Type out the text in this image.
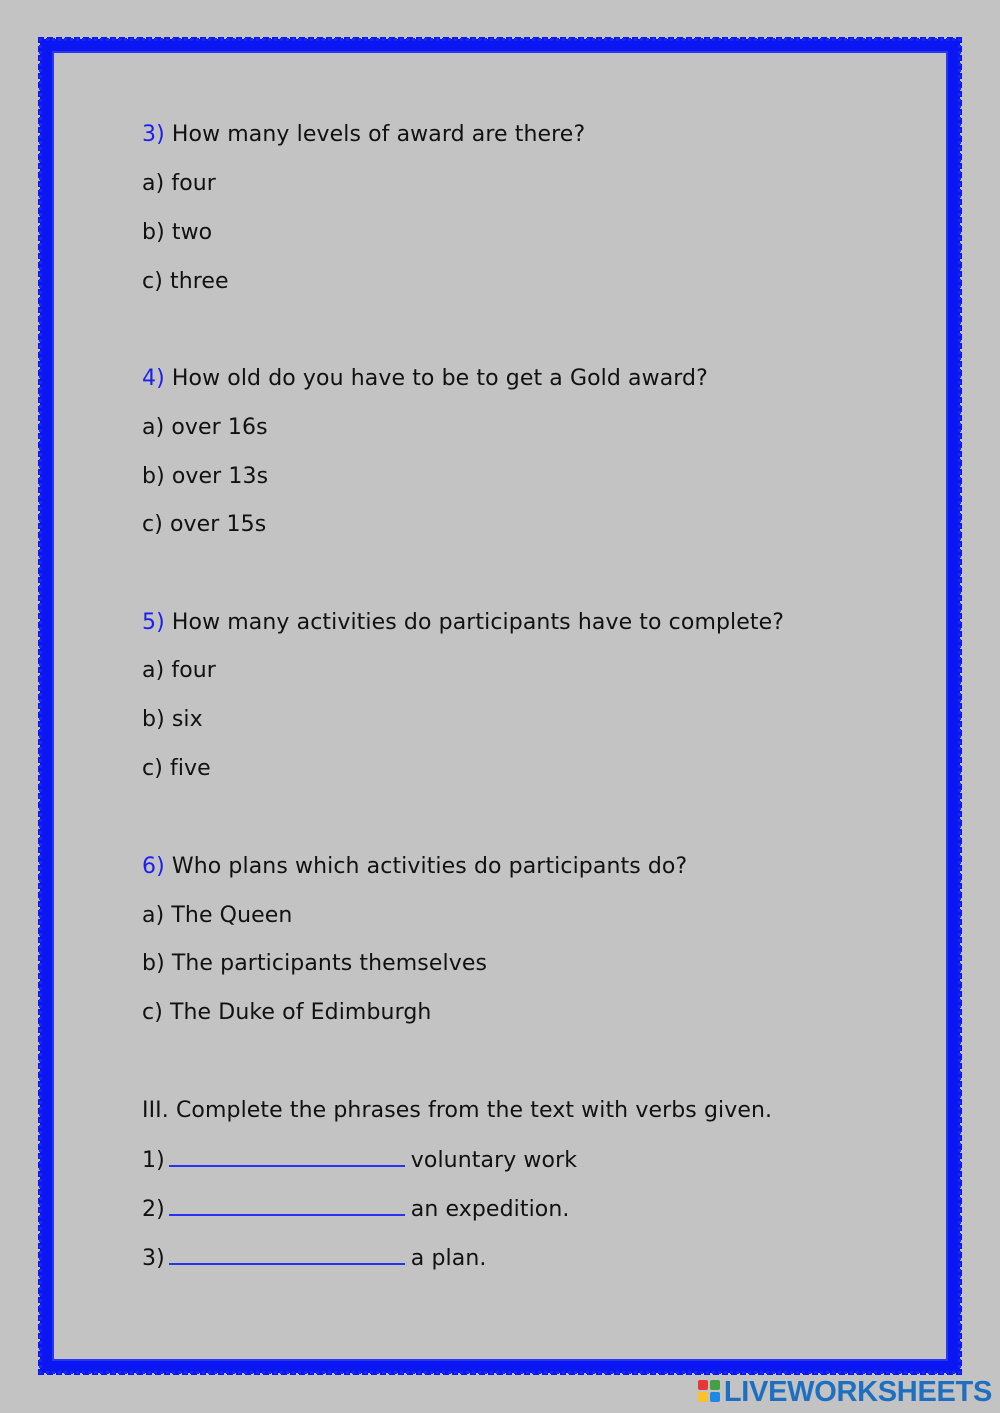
3) How many levels of award are there?
a) four
b) two
c) three
4) How old do you have to be to get a Gold award?
a) over 16s
b) over 13s
c) over 15s
5) How many activities do participants have to complete?
a) four
b) six
c) five
6) Who plans which activities do participants do?
a) The Queen
b) The participants themselves
c) The Duke of Edimburgh
III. Complete the phrases from the text with verbs given.
1)	voluntary work
2)	an expedition.
3)	a plan.
LIVEWORKSHEETS
